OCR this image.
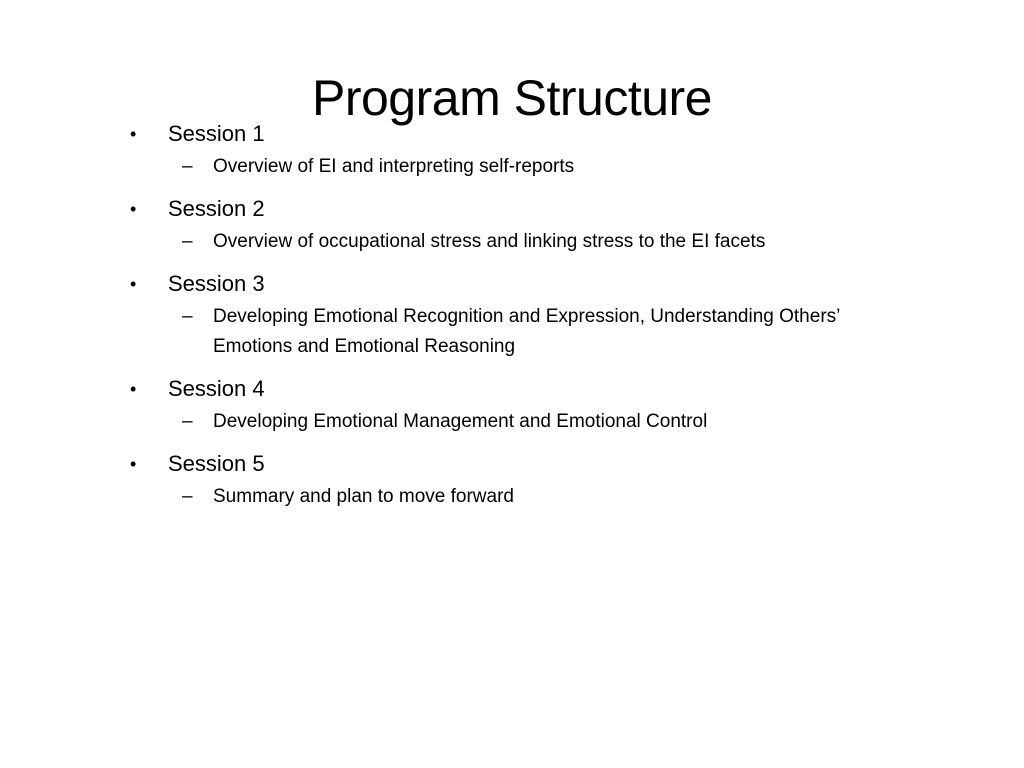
Program Structure
• Session 1
– Overview of EI and interpreting self-reports
• Session 2
– Overview of occupational stress and linking stress to the EI facets
• Session 3
– Developing Emotional Recognition and Expression, Understanding Others’ Emotions and Emotional Reasoning
• Session 4
– Developing Emotional Management and Emotional Control
• Session 5
– Summary and plan to move forward
